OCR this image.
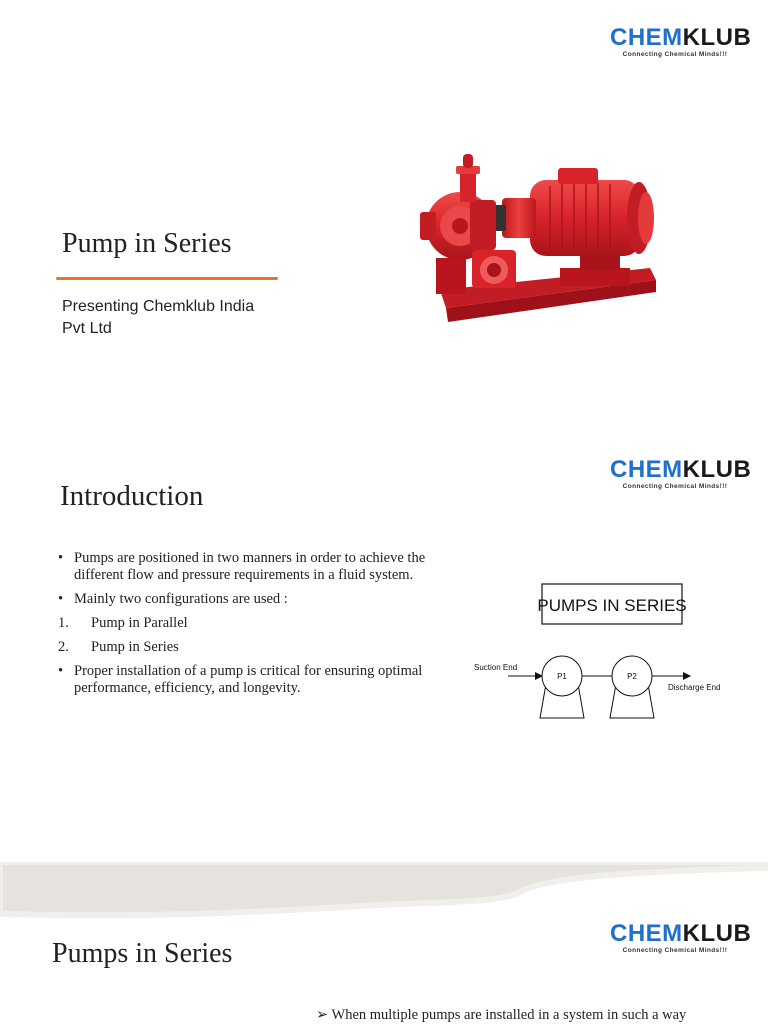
CHEMKLUB
Connecting Chemical Minds!!!
Pump in Series
Presenting Chemklub India
Pvt Ltd
CHEMKLUB
Connecting Chemical Minds!!!
Introduction
• Pumps are positioned in two manners in order to achieve the different flow and pressure requirements in a fluid system.
• Mainly two configurations are used :
1. Pump in Parallel
2. Pump in Series
• Proper installation of a pump is critical for ensuring optimal performance, efficiency, and longevity.
PUMPS IN SERIES
Suction End
P1	P2
Discharge End
CHEMKLUB
Connecting Chemical Minds!!!
Pumps in Series
➢ When multiple pumps are installed in a system in such a way
